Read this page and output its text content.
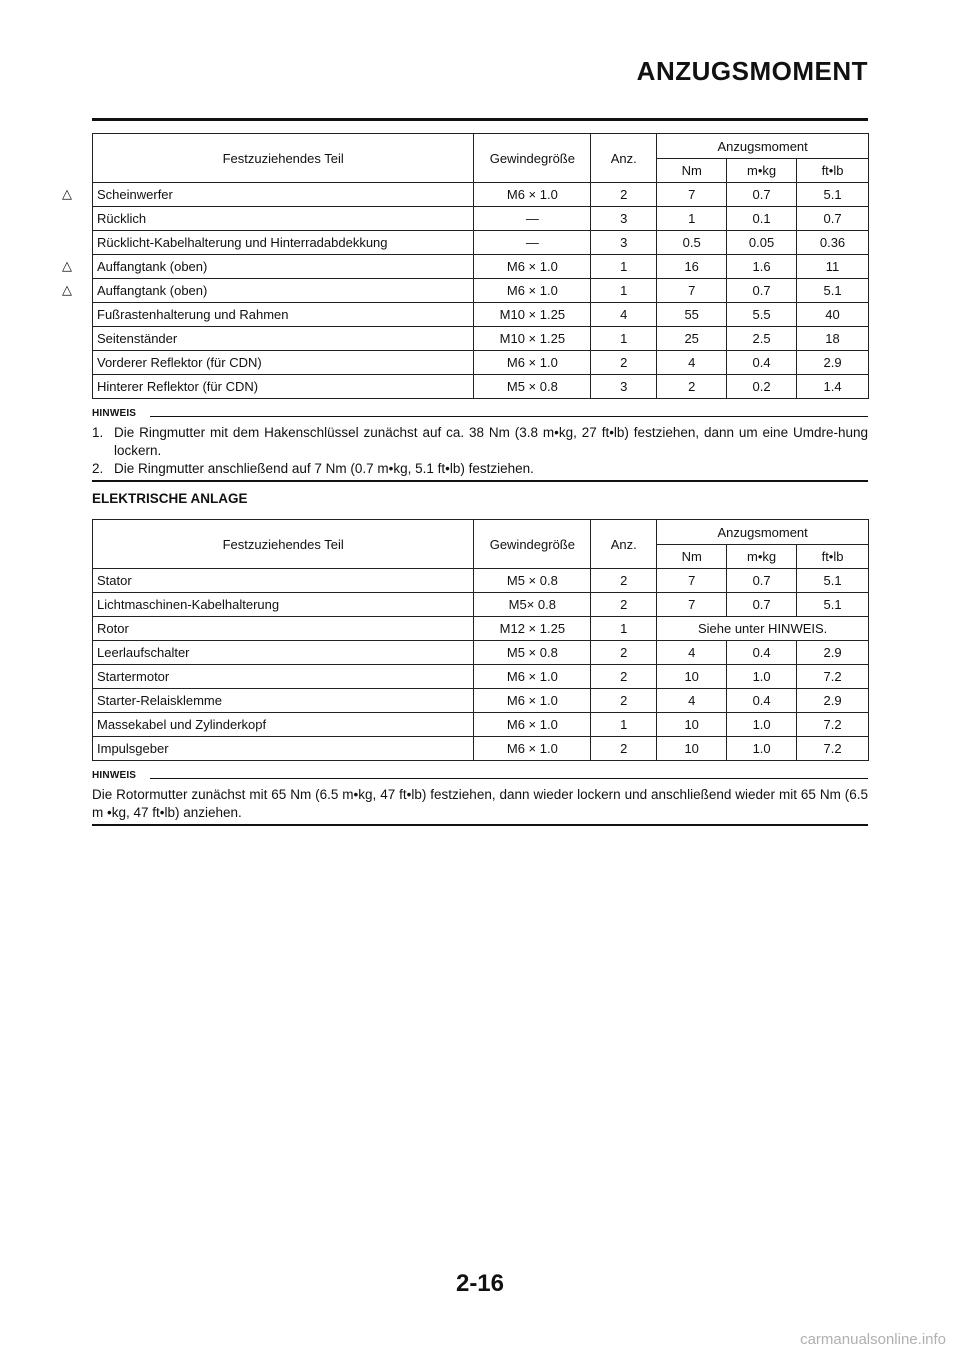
ANZUGSMOMENT
Festzuziehendes Teil	Gewindegröße	Anz.	Anzugsmoment		
			Nm	m•kg	ft•lb
Scheinwerfer	M6 × 1.0	2	7	0.7	5.1
Rücklich	—	3	1	0.1	0.7
Rücklicht-Kabelhalterung und Hinterradabdekkung	—	3	0.5	0.05	0.36
Auffangtank (oben)	M6 × 1.0	1	16	1.6	11
Auffangtank (oben)	M6 × 1.0	1	7	0.7	5.1
Fußrastenhalterung und Rahmen	M10 × 1.25	4	55	5.5	40
Seitenständer	M10 × 1.25	1	25	2.5	18
Vorderer Reflektor (für CDN)	M6 × 1.0	2	4	0.4	2.9
Hinterer Reflektor (für CDN)	M5 × 0.8	3	2	0.2	1.4
△
△
△
HINWEIS
1. Die Ringmutter mit dem Hakenschlüssel zunächst auf ca. 38 Nm (3.8 m•kg, 27 ft•lb) festziehen, dann um eine Umdre-hung lockern.
2. Die Ringmutter anschließend auf 7 Nm (0.7 m•kg, 5.1 ft•lb) festziehen.
ELEKTRISCHE ANLAGE
Festzuziehendes Teil	Gewindegröße	Anz.	Anzugsmoment		
			Nm	m•kg	ft•lb
Stator	M5 × 0.8	2	7	0.7	5.1
Lichtmaschinen-Kabelhalterung	M5× 0.8	2	7	0.7	5.1
Rotor	M12 × 1.25	1	Siehe unter HINWEIS.		
Leerlaufschalter	M5 × 0.8	2	4	0.4	2.9
Startermotor	M6 × 1.0	2	10	1.0	7.2
Starter-Relaisklemme	M6 × 1.0	2	4	0.4	2.9
Massekabel und Zylinderkopf	M6 × 1.0	1	10	1.0	7.2
Impulsgeber	M6 × 1.0	2	10	1.0	7.2
HINWEIS
Die Rotormutter zunächst mit 65 Nm (6.5 m•kg, 47 ft•lb) festziehen, dann wieder lockern und anschließend wieder mit 65 Nm (6.5 m •kg, 47 ft•lb) anziehen.
2-16
carmanualsonline.info
